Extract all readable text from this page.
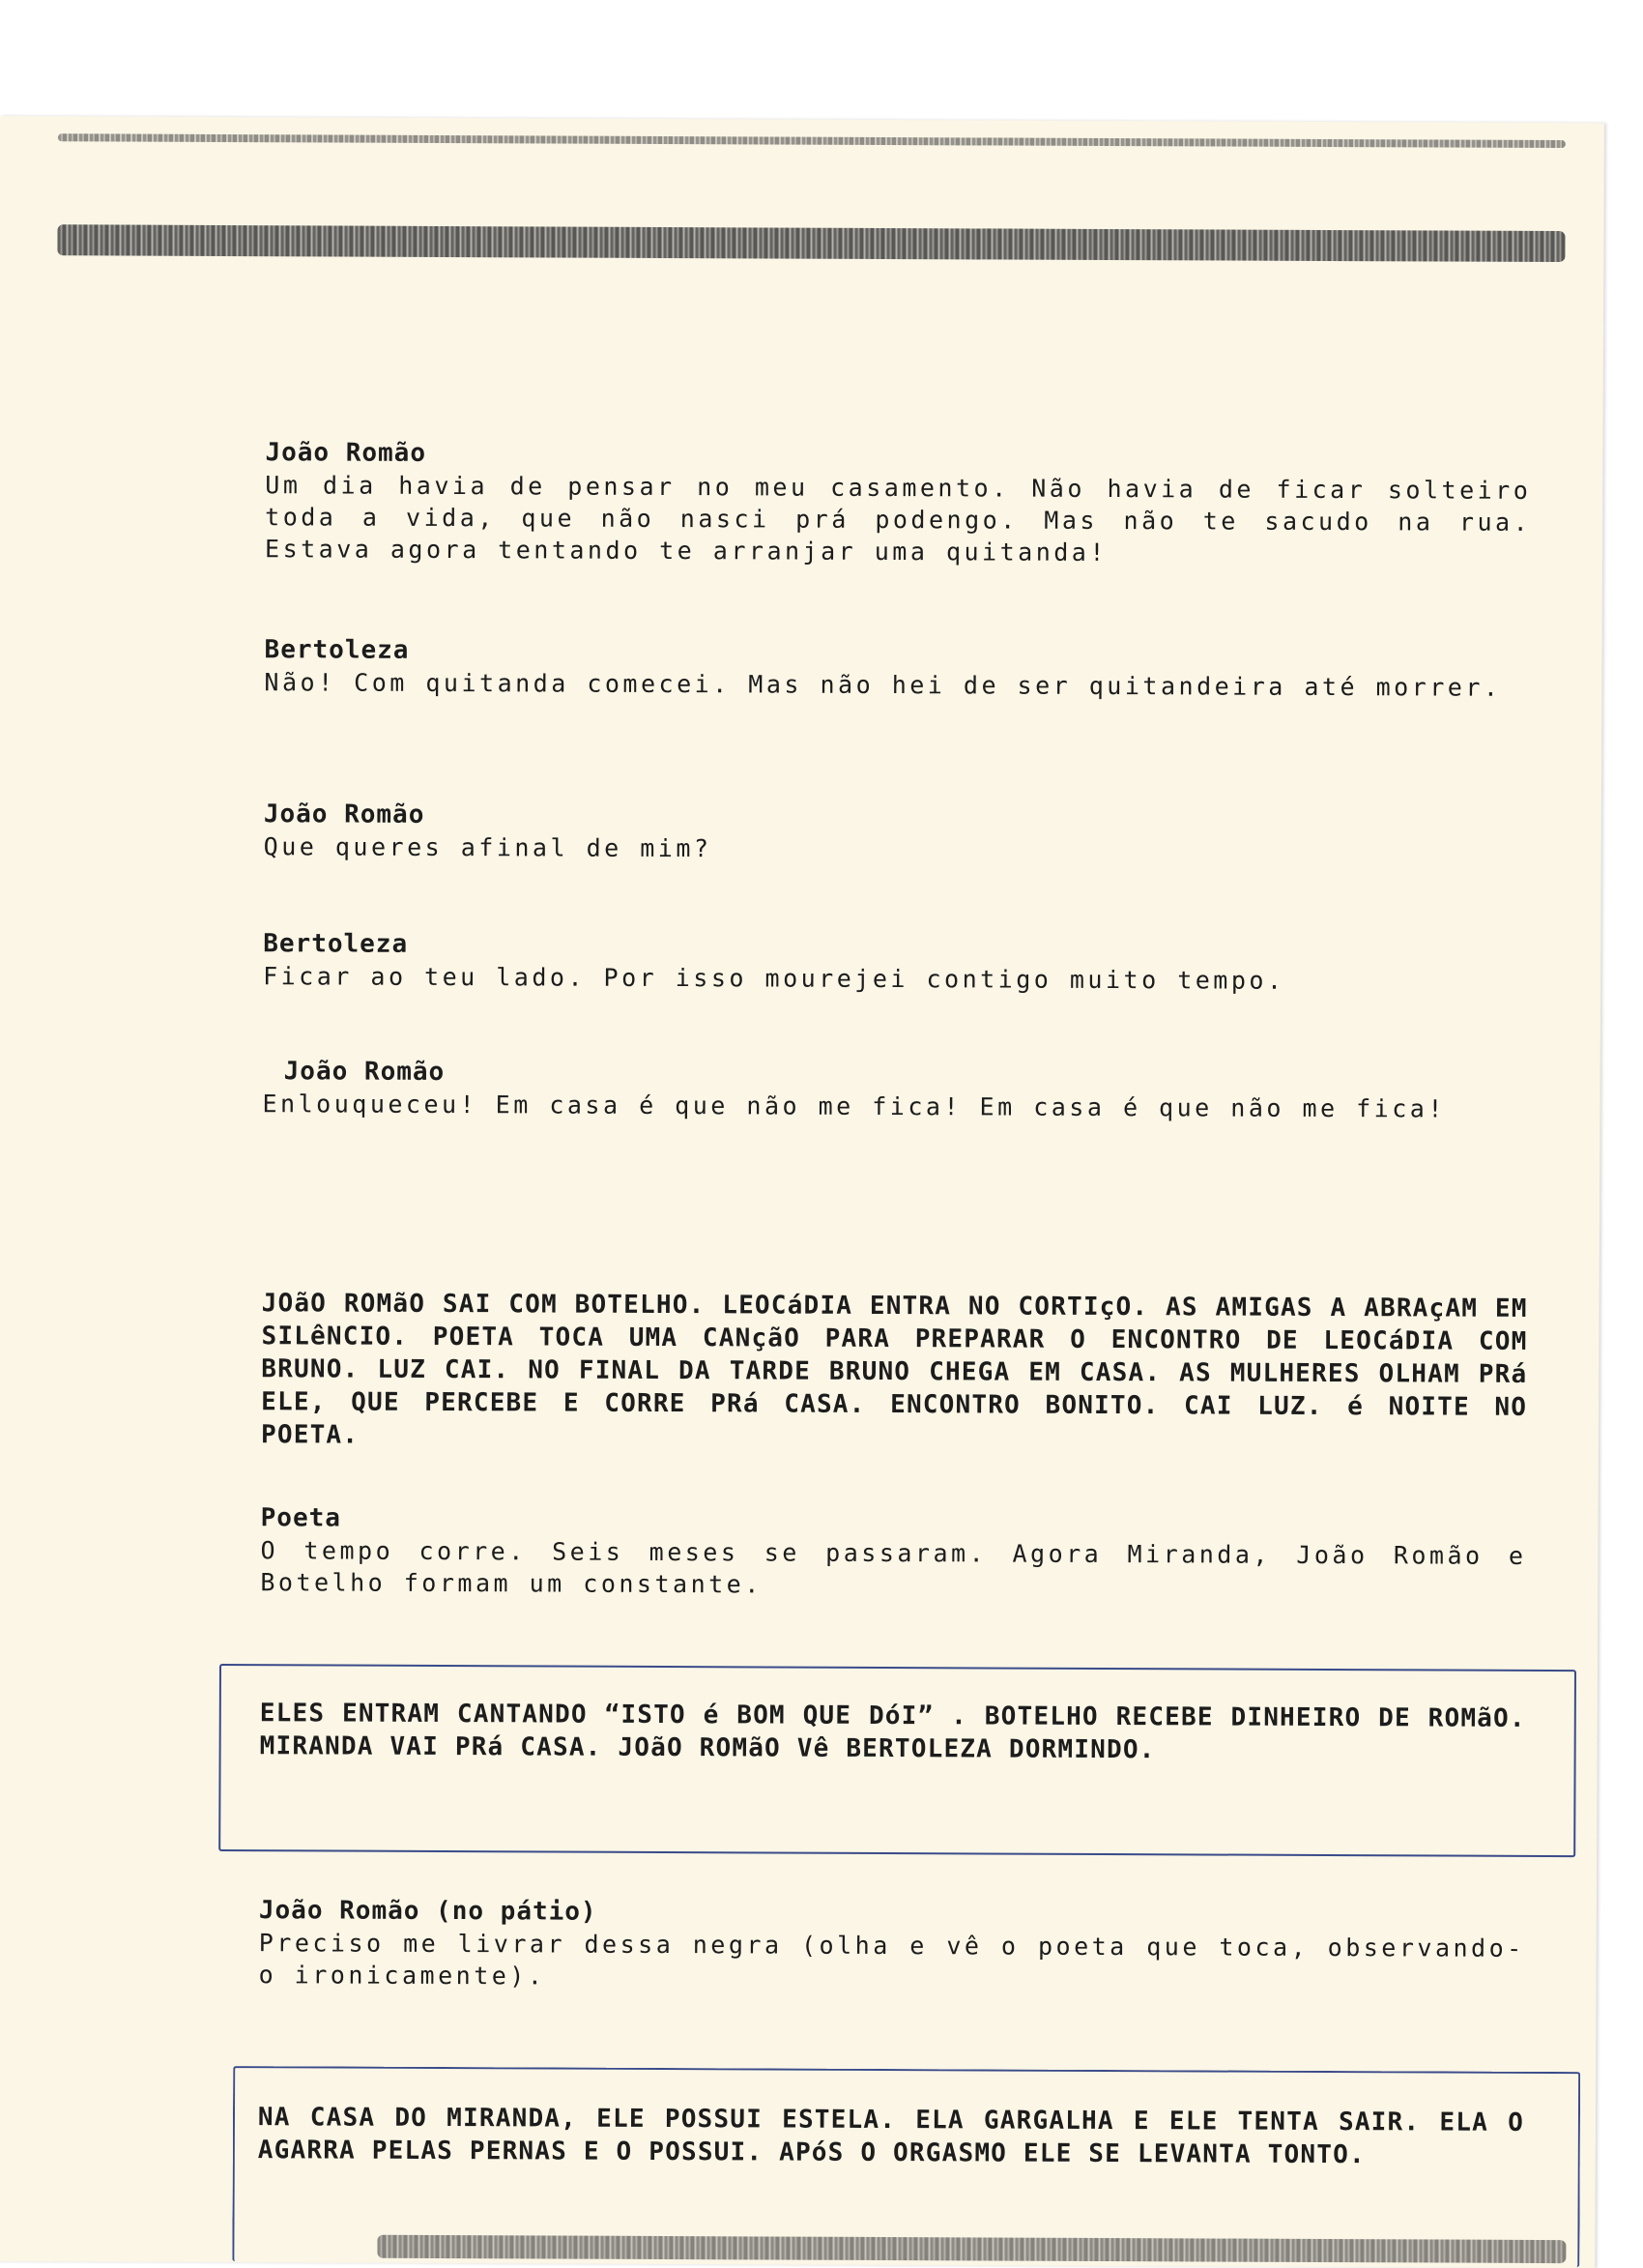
João Romão

Um dia havia de pensar no meu casamento. Não havia de ficar solteiro toda a vida, que não nasci prá podengo. Mas não te sacudo na rua. Estava agora tentando te arranjar uma quitanda!

Bertoleza

Não! Com quitanda comecei. Mas não hei de ser quitandeira até morrer.

João Romão

Que queres afinal de mim?

Bertoleza

Ficar ao teu lado. Por isso mourejei contigo muito tempo.

João Romão

Enlouqueceu! Em casa é que não me fica! Em casa é que não me fica!

JOãO ROMãO SAI COM BOTELHO. LEOCáDIA ENTRA NO CORTIçO. AS AMIGAS A ABRAçAM EM SILêNCIO. POETA TOCA UMA CANçãO PARA PREPARAR O ENCONTRO DE LEOCáDIA COM BRUNO. LUZ CAI. NO FINAL DA TARDE BRUNO CHEGA EM CASA. AS MULHERES OLHAM PRá ELE, QUE PERCEBE E CORRE PRá CASA. ENCONTRO BONITO. CAI LUZ. é NOITE NO POETA.

Poeta

O tempo corre. Seis meses se passaram. Agora Miranda, João Romão e Botelho formam um constante.

ELES ENTRAM CANTANDO “ISTO é BOM QUE DóI” . BOTELHO RECEBE DINHEIRO DE ROMãO. MIRANDA VAI PRá CASA. JOãO ROMãO Vê BERTOLEZA DORMINDO.

João Romão (no pátio)

Preciso me livrar dessa negra (olha e vê o poeta que toca, observando-o ironicamente).

NA CASA DO MIRANDA, ELE POSSUI ESTELA. ELA GARGALHA E ELE TENTA SAIR. ELA O AGARRA PELAS PERNAS E O POSSUI. APóS O ORGASMO ELE SE LEVANTA TONTO.
